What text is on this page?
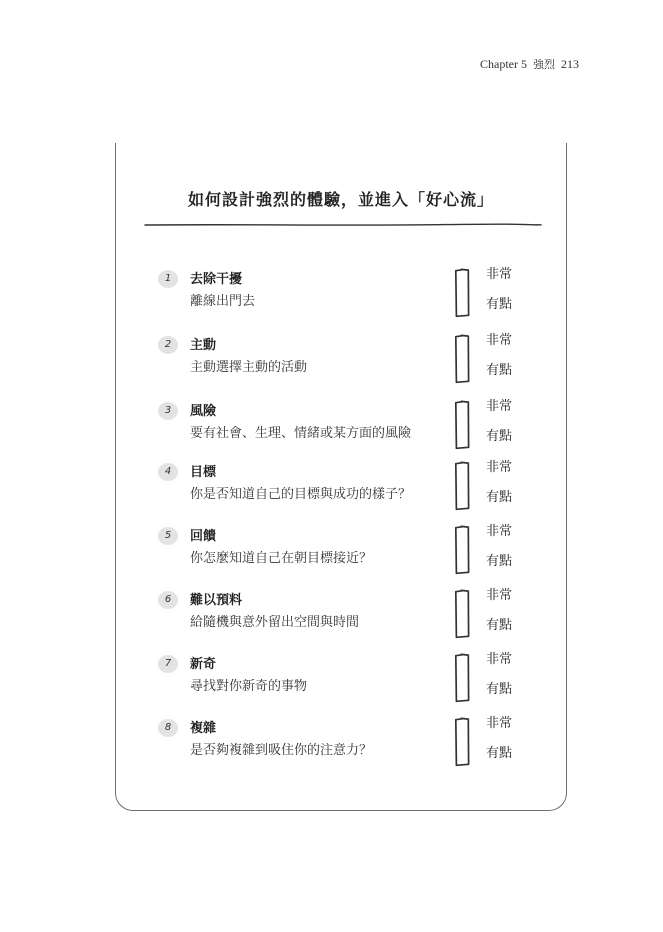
Chapter 5 強烈 213
如何設計強烈的體驗，並進入「好心流」
1	去除干擾
離線出門去
非常
有點
2	主動
主動選擇主動的活動
非常
有點
3	風險
要有社會、生理、情緒或某方面的風險
非常
有點
4	目標
你是否知道自己的目標與成功的樣子？
非常
有點
5	回饋
你怎麼知道自己在朝目標接近？
非常
有點
6	難以預料
給隨機與意外留出空間與時間
非常
有點
7	新奇
尋找對你新奇的事物
非常
有點
8	複雜
是否夠複雜到吸住你的注意力？
非常
有點
